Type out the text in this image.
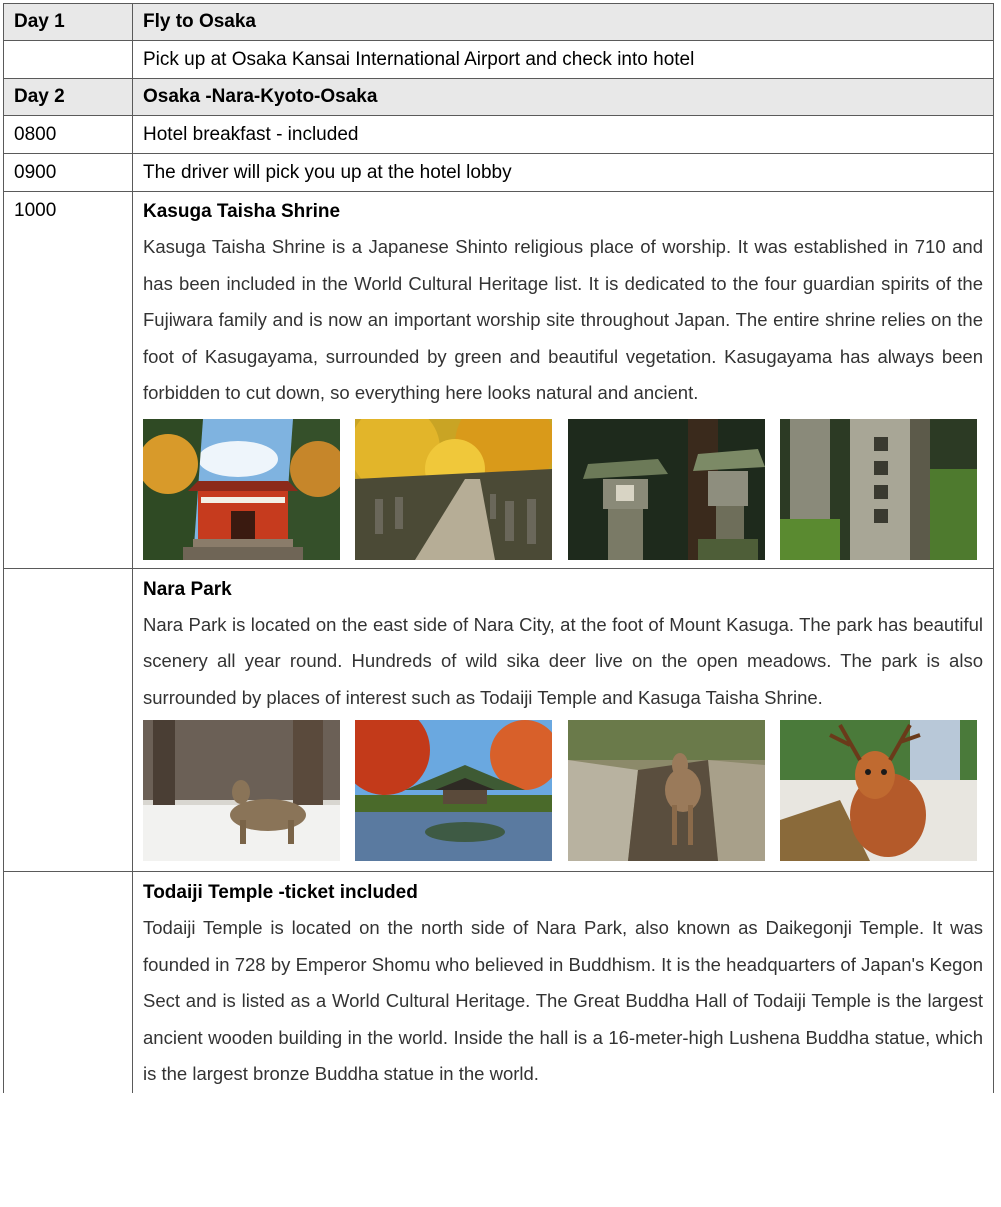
Day 1	Fly to Osaka
	Pick up at Osaka Kansai International Airport and check into hotel
Day 2	Osaka -Nara-Kyoto-Osaka
0800	Hotel breakfast - included
0900	The driver will pick you up at the hotel lobby
1000	Kasuga Taisha Shrine
Kasuga Taisha Shrine is a Japanese Shinto religious place of worship. It was established in 710 and has been included in the World Cultural Heritage list. It is dedicated to the four guardian spirits of the Fujiwara family and is now an important worship site throughout Japan. The entire shrine relies on the foot of Kasugayama, surrounded by green and beautiful vegetation. Kasugayama has always been forbidden to cut down, so everything here looks natural and ancient.

	Nara Park
Nara Park is located on the east side of Nara City, at the foot of Mount Kasuga. The park has beautiful scenery all year round. Hundreds of wild sika deer live on the open meadows. The park is also surrounded by places of interest such as Todaiji Temple and Kasuga Taisha Shrine.

	Todaiji Temple -ticket included
Todaiji Temple is located on the north side of Nara Park, also known as Daikegonji Temple. It was founded in 728 by Emperor Shomu who believed in Buddhism. It is the headquarters of Japan's Kegon Sect and is listed as a World Cultural Heritage. The Great Buddha Hall of Todaiji Temple is the largest ancient wooden building in the world. Inside the hall is a 16-meter-high Lushena Buddha statue, which is the largest bronze Buddha statue in the world.
